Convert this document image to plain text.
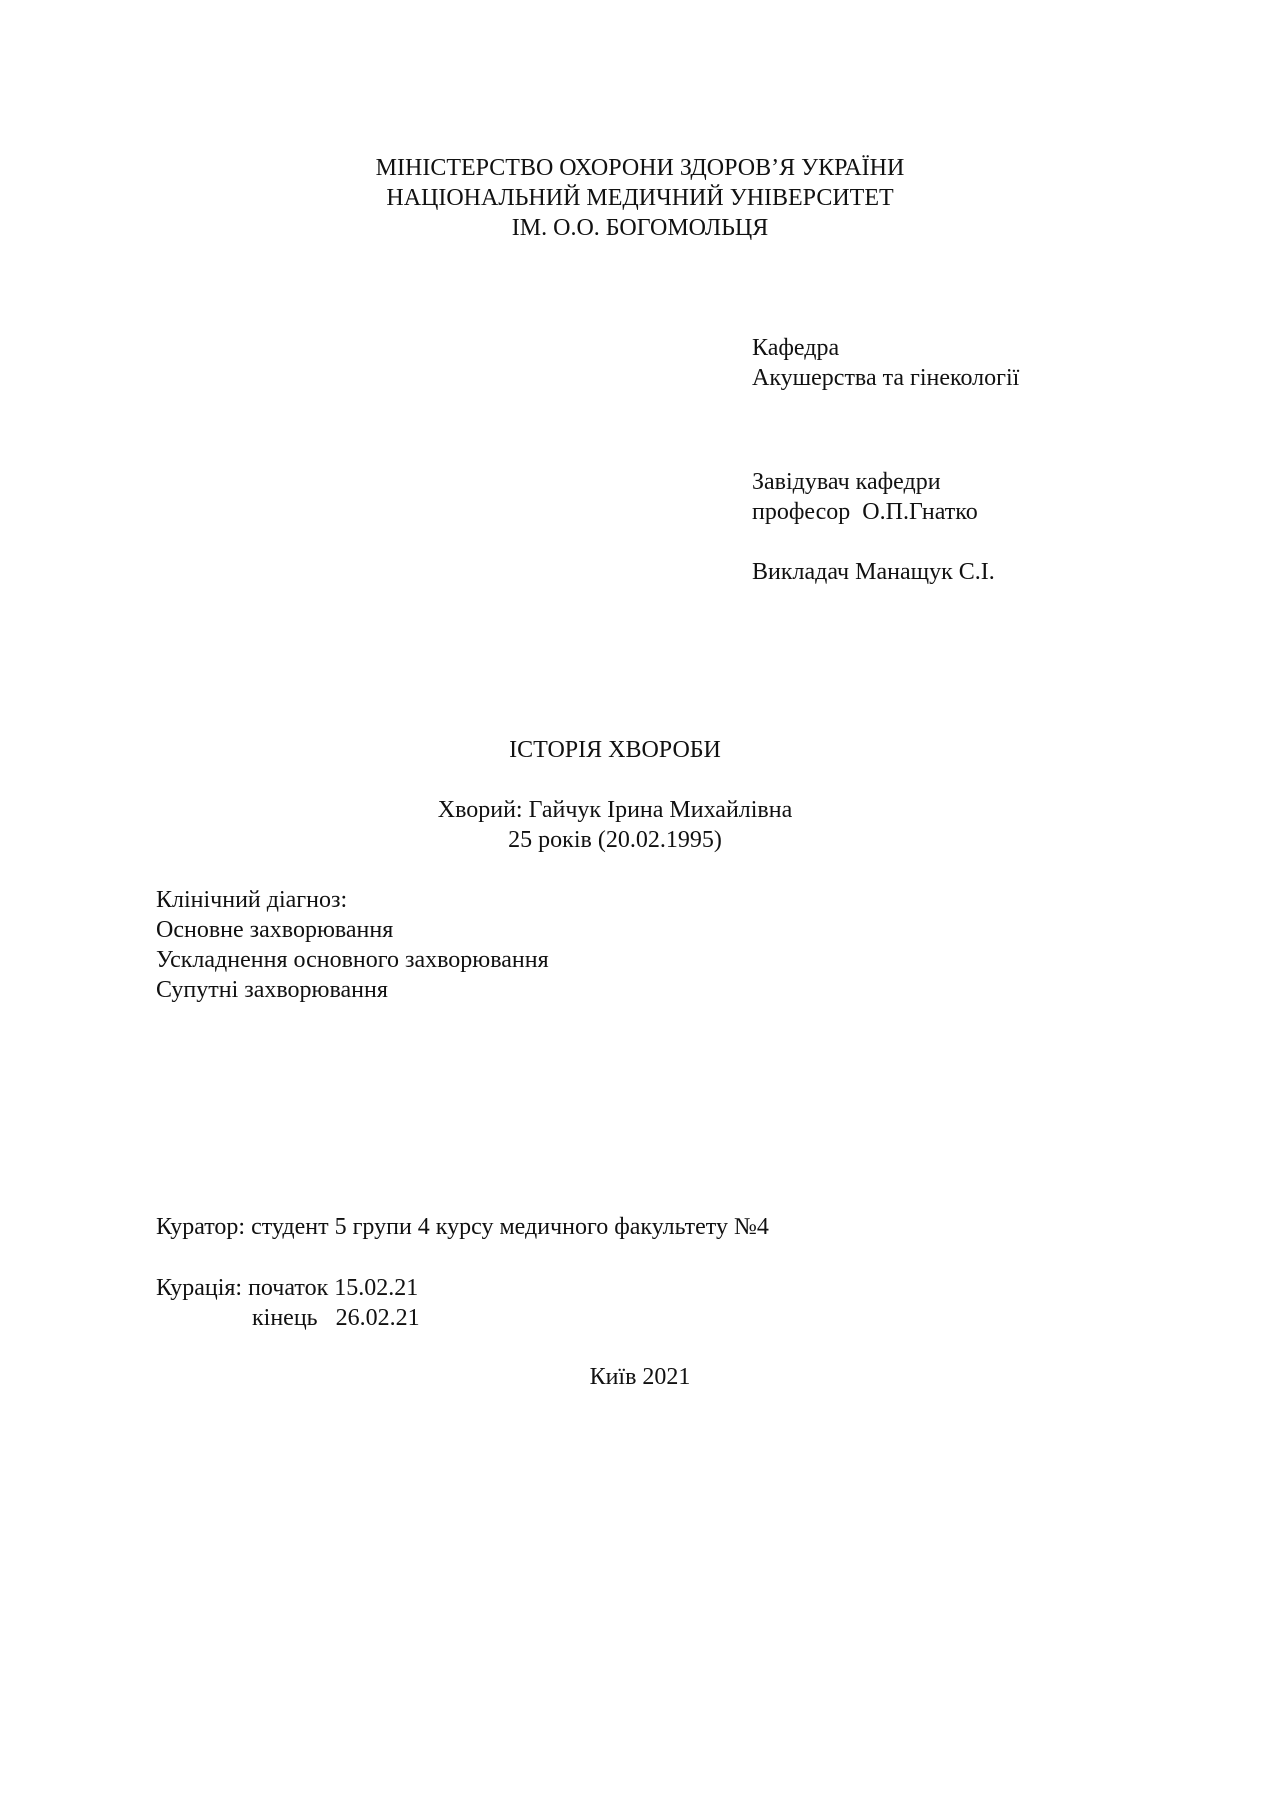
МІНІСТЕРСТВО ОХОРОНИ ЗДОРОВ’Я УКРАЇНИ
НАЦІОНАЛЬНИЙ МЕДИЧНИЙ УНІВЕРСИТЕТ
ІМ. О.О. БОГОМОЛЬЦЯ
Кафедра
Акушерства та гінекології
Завідувач кафедри
професор  О.П.Гнатко
Викладач Манащук С.І.
ІСТОРІЯ ХВОРОБИ
Хворий: Гайчук Ірина Михайлівна
25 років (20.02.1995)
Клінічний діагноз:
Основне захворювання
Ускладнення основного захворювання
Супутні захворювання
Куратор: студент 5 групи 4 курсу медичного факультету №4
Курація: початок 15.02.21
кінець   26.02.21
Київ 2021
